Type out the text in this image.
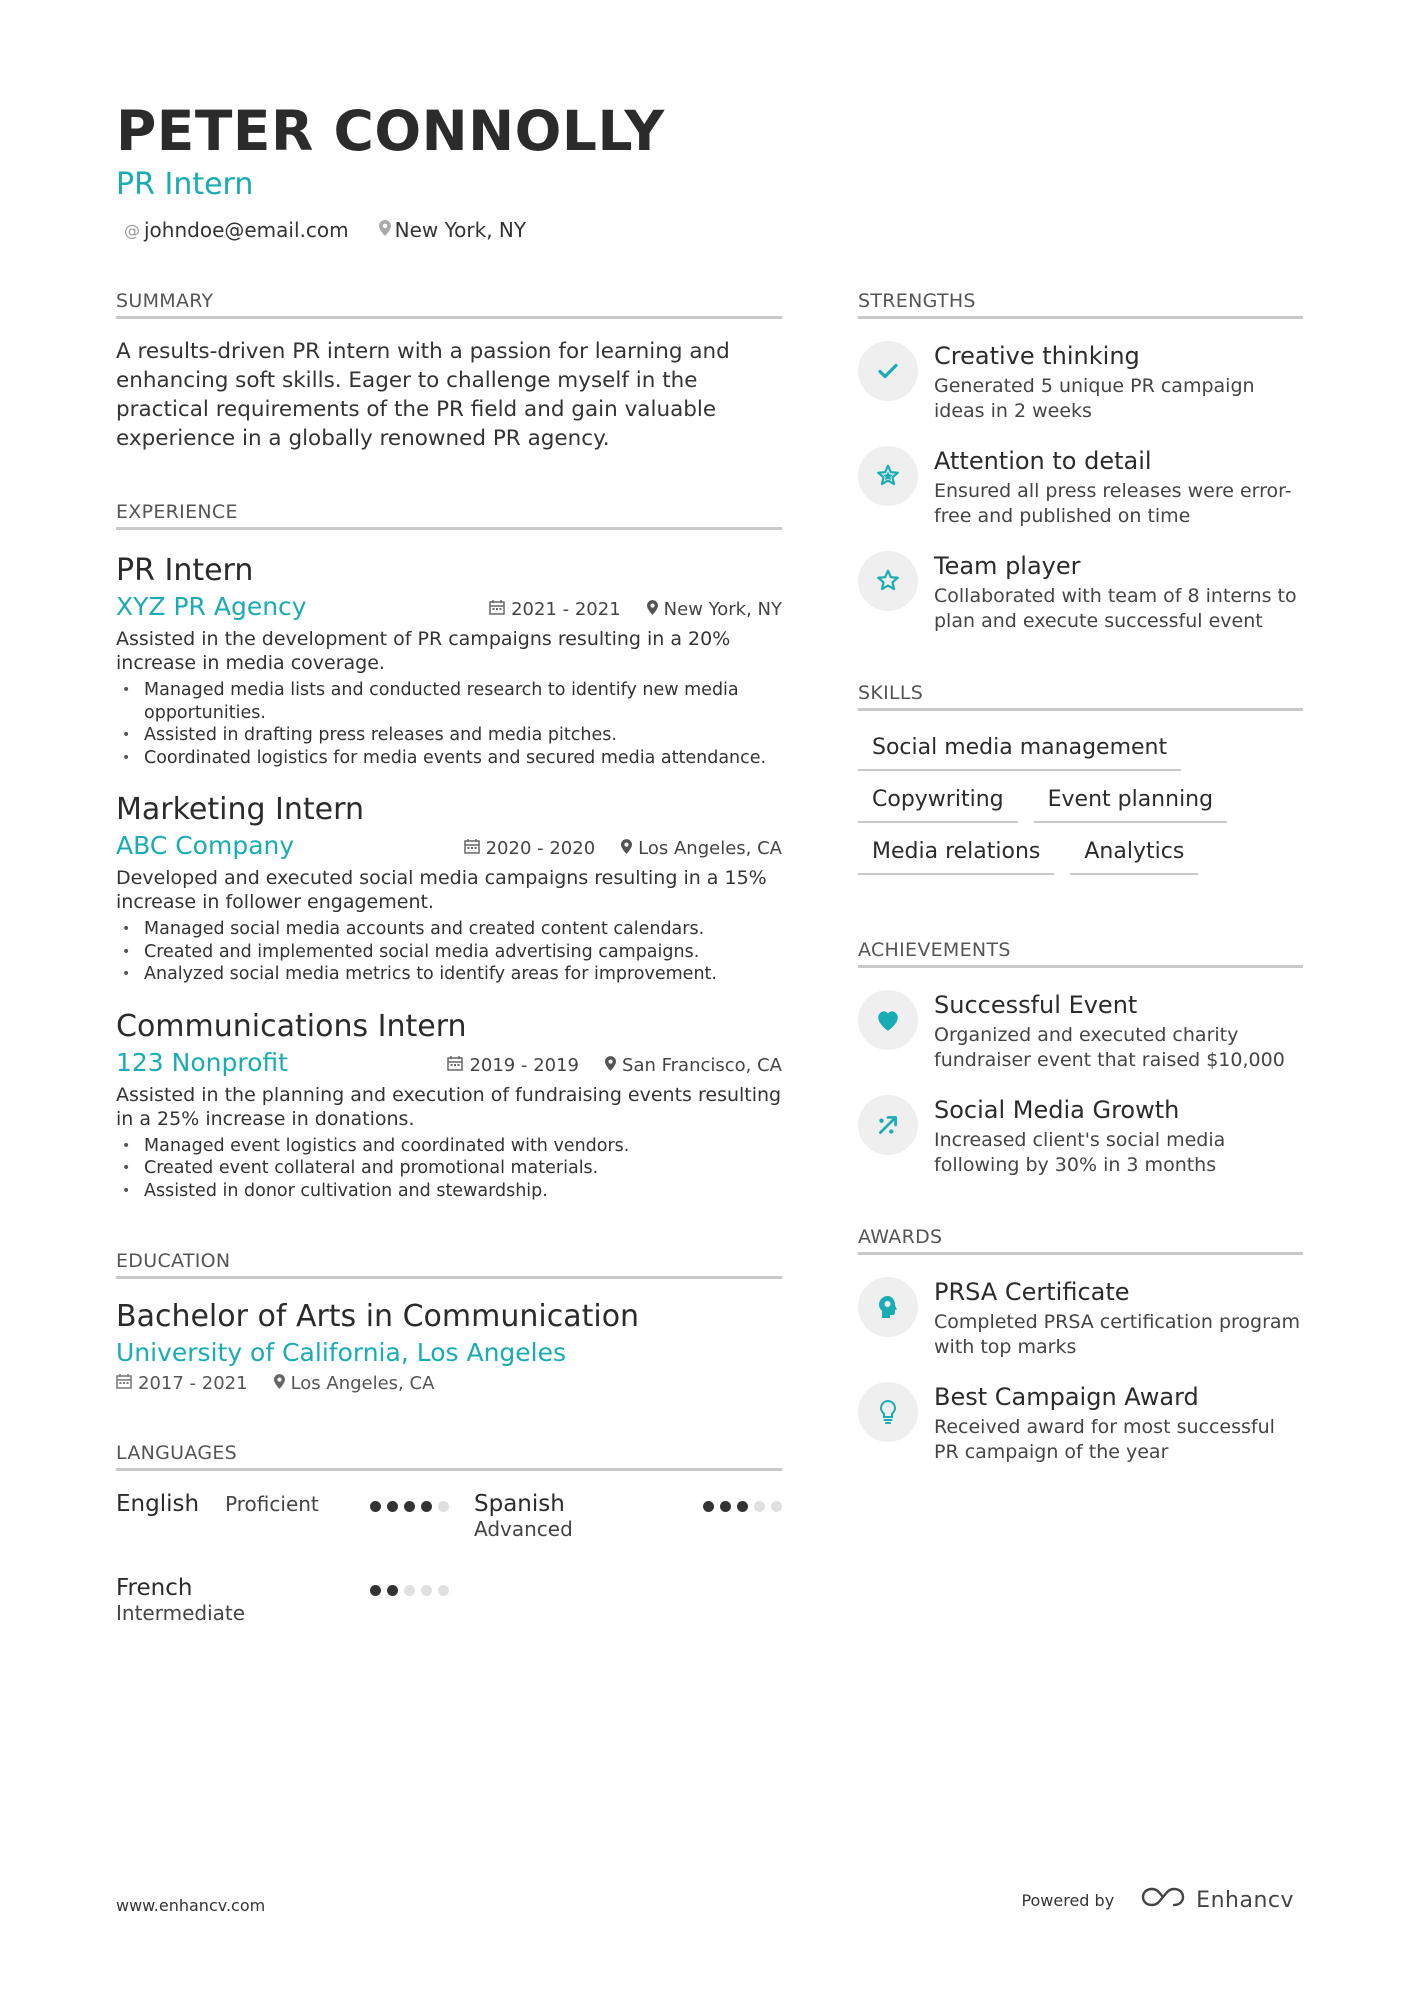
PETER CONNOLLY
PR Intern
@ johndoe@email.com New York, NY
SUMMARY
A results-driven PR intern with a passion for learning and enhancing soft skills. Eager to challenge myself in the practical requirements of the PR field and gain valuable experience in a globally renowned PR agency.
EXPERIENCE
PR Intern
XYZ PR Agency	2021 - 2021 New York, NY
Assisted in the development of PR campaigns resulting in a 20% increase in media coverage.
• Managed media lists and conducted research to identify new media opportunities.
• Assisted in drafting press releases and media pitches.
• Coordinated logistics for media events and secured media attendance.
Marketing Intern
ABC Company	2020 - 2020 Los Angeles, CA
Developed and executed social media campaigns resulting in a 15% increase in follower engagement.
• Managed social media accounts and created content calendars.
• Created and implemented social media advertising campaigns.
• Analyzed social media metrics to identify areas for improvement.
Communications Intern
123 Nonprofit	2019 - 2019 San Francisco, CA
Assisted in the planning and execution of fundraising events resulting in a 25% increase in donations.
• Managed event logistics and coordinated with vendors.
• Created event collateral and promotional materials.
• Assisted in donor cultivation and stewardship.
EDUCATION
Bachelor of Arts in Communication
University of California, Los Angeles
2017 - 2021 Los Angeles, CA
LANGUAGES
English Proficient	Spanish
Advanced
French
Intermediate
STRENGTHS
Creative thinking
Generated 5 unique PR campaign ideas in 2 weeks
Attention to detail
Ensured all press releases were error-free and published on time
Team player
Collaborated with team of 8 interns to plan and execute successful event
SKILLS
Social media management
Copywriting	Event planning
Media relations	Analytics
ACHIEVEMENTS
Successful Event
Organized and executed charity fundraiser event that raised $10,000
Social Media Growth
Increased client's social media following by 30% in 3 months
AWARDS
PRSA Certificate
Completed PRSA certification program with top marks
Best Campaign Award
Received award for most successful PR campaign of the year
www.enhancv.com	Powered by	Enhancv
